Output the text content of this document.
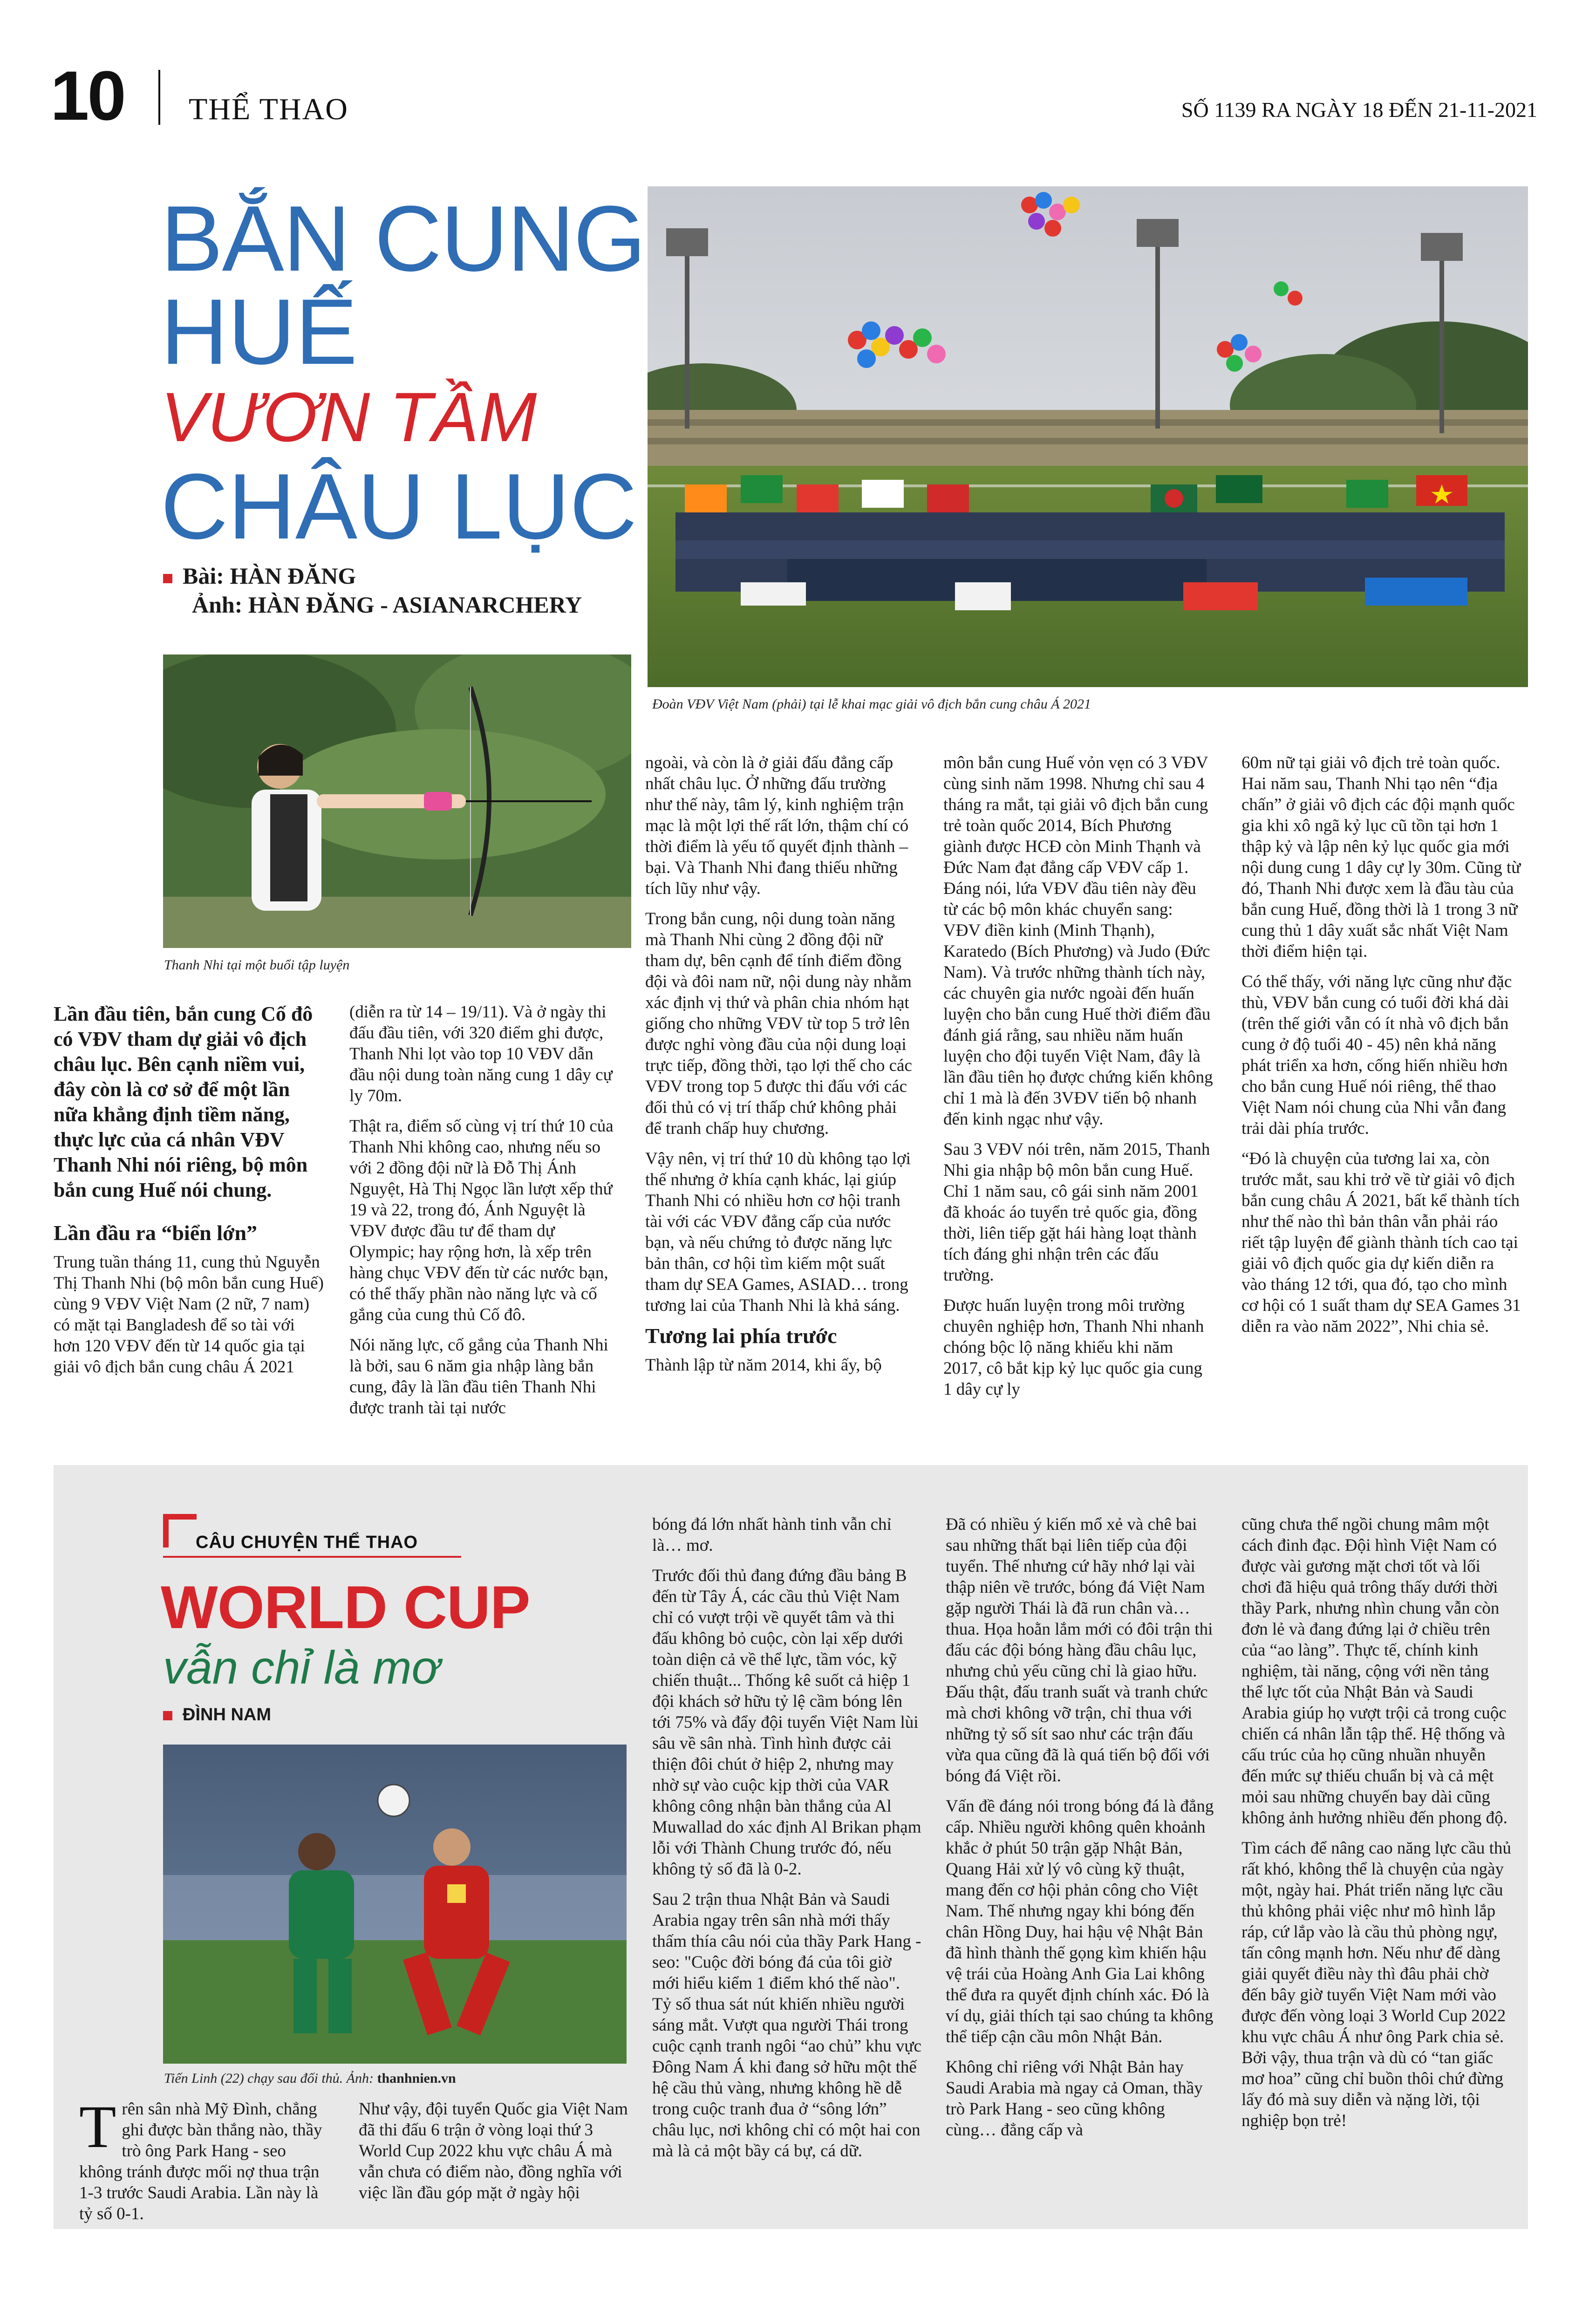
10 THỂ THAO	SỐ 1139 RA NGÀY 18 ĐẾN 21-11-2021
BẮN CUNG
HUẾ
VƯƠN TẦM
CHÂU LỤC
Bài: HÀN ĐĂNG
Ảnh: HÀN ĐĂNG - ASIANARCHERY
Đoàn VĐV Việt Nam (phải) tại lễ khai mạc giải vô địch bắn cung châu Á 2021
Thanh Nhi tại một buổi tập luyện
Lần đầu tiên, bắn cung Cố đô có VĐV tham dự giải vô địch châu lục. Bên cạnh niềm vui, đây còn là cơ sở để một lần nữa khẳng định tiềm năng, thực lực của cá nhân VĐV Thanh Nhi nói riêng, bộ môn bắn cung Huế nói chung.
Lần đầu ra “biển lớn”

Trung tuần tháng 11, cung thủ Nguyễn Thị Thanh Nhi (bộ môn bắn cung Huế) cùng 9 VĐV Việt Nam (2 nữ, 7 nam) có mặt tại Bangladesh để so tài với hơn 120 VĐV đến từ 14 quốc gia tại giải vô địch bắn cung châu Á 2021

(diễn ra từ 14 – 19/11). Và ở ngày thi đấu đầu tiên, với 320 điểm ghi được, Thanh Nhi lọt vào top 10 VĐV dẫn đầu nội dung toàn năng cung 1 dây cự ly 70m.

Thật ra, điểm số cùng vị trí thứ 10 của Thanh Nhi không cao, nhưng nếu so với 2 đồng đội nữ là Đỗ Thị Ánh Nguyệt, Hà Thị Ngọc lần lượt xếp thứ 19 và 22, trong đó, Ánh Nguyệt là VĐV được đầu tư để tham dự Olympic; hay rộng hơn, là xếp trên hàng chục VĐV đến từ các nước bạn, có thể thấy phần nào năng lực và cố gắng của cung thủ Cố đô.

Nói năng lực, cố gắng của Thanh Nhi là bởi, sau 6 năm gia nhập làng bắn cung, đây là lần đầu tiên Thanh Nhi được tranh tài tại nước

ngoài, và còn là ở giải đấu đẳng cấp nhất châu lục. Ở những đấu trường như thế này, tâm lý, kinh nghiệm trận mạc là một lợi thế rất lớn, thậm chí có thời điểm là yếu tố quyết định thành – bại. Và Thanh Nhi đang thiếu những tích lũy như vậy.

Trong bắn cung, nội dung toàn năng mà Thanh Nhi cùng 2 đồng đội nữ tham dự, bên cạnh để tính điểm đồng đội và đôi nam nữ, nội dung này nhằm xác định vị thứ và phân chia nhóm hạt giống cho những VĐV từ top 5 trở lên được nghỉ vòng đầu của nội dung loại trực tiếp, đồng thời, tạo lợi thế cho các VĐV trong top 5 được thi đấu với các đối thủ có vị trí thấp chứ không phải để tranh chấp huy chương.

Vậy nên, vị trí thứ 10 dù không tạo lợi thế nhưng ở khía cạnh khác, lại giúp Thanh Nhi có nhiều hơn cơ hội tranh tài với các VĐV đẳng cấp của nước bạn, và nếu chứng tỏ được năng lực bản thân, cơ hội tìm kiếm một suất tham dự SEA Games, ASIAD… trong tương lai của Thanh Nhi là khả sáng.

Tương lai phía trước

Thành lập từ năm 2014, khi ấy, bộ

môn bắn cung Huế vỏn vẹn có 3 VĐV cùng sinh năm 1998. Nhưng chỉ sau 4 tháng ra mắt, tại giải vô địch bắn cung trẻ toàn quốc 2014, Bích Phương giành được HCĐ còn Minh Thạnh và Đức Nam đạt đẳng cấp VĐV cấp 1. Đáng nói, lứa VĐV đầu tiên này đều từ các bộ môn khác chuyển sang: VĐV điền kinh (Minh Thạnh), Karatedo (Bích Phương) và Judo (Đức Nam). Và trước những thành tích này, các chuyên gia nước ngoài đến huấn luyện cho bắn cung Huế thời điểm đầu đánh giá rằng, sau nhiều năm huấn luyện cho đội tuyển Việt Nam, đây là lần đầu tiên họ được chứng kiến không chỉ 1 mà là đến 3VĐV tiến bộ nhanh đến kinh ngạc như vậy.

Sau 3 VĐV nói trên, năm 2015, Thanh Nhi gia nhập bộ môn bắn cung Huế. Chỉ 1 năm sau, cô gái sinh năm 2001 đã khoác áo tuyển trẻ quốc gia, đồng thời, liên tiếp gặt hái hàng loạt thành tích đáng ghi nhận trên các đấu trường.

Được huấn luyện trong môi trường chuyên nghiệp hơn, Thanh Nhi nhanh chóng bộc lộ năng khiếu khi năm 2017, cô bắt kịp kỷ lục quốc gia cung 1 dây cự ly

60m nữ tại giải vô địch trẻ toàn quốc. Hai năm sau, Thanh Nhi tạo nên “địa chấn” ở giải vô địch các đội mạnh quốc gia khi xô ngã kỷ lục cũ tồn tại hơn 1 thập kỷ và lập nên kỷ lục quốc gia mới nội dung cung 1 dây cự ly 30m. Cũng từ đó, Thanh Nhi được xem là đầu tàu của bắn cung Huế, đồng thời là 1 trong 3 nữ cung thủ 1 dây xuất sắc nhất Việt Nam thời điểm hiện tại.

Có thể thấy, với năng lực cũng như đặc thù, VĐV bắn cung có tuổi đời khá dài (trên thế giới vẫn có ít nhà vô địch bắn cung ở độ tuổi 40 - 45) nên khả năng phát triển xa hơn, cống hiến nhiều hơn cho bắn cung Huế nói riêng, thể thao Việt Nam nói chung của Nhi vẫn đang trải dài phía trước.

“Đó là chuyện của tương lai xa, còn trước mắt, sau khi trở về từ giải vô địch bắn cung châu Á 2021, bất kể thành tích như thế nào thì bản thân vẫn phải ráo riết tập luyện để giành thành tích cao tại giải vô địch quốc gia dự kiến diễn ra vào tháng 12 tới, qua đó, tạo cho mình cơ hội có 1 suất tham dự SEA Games 31 diễn ra vào năm 2022”, Nhi chia sẻ.

CÂU CHUYỆN THỂ THAO
WORLD CUP
vẫn chỉ là mơ
ĐÌNH NAM
Tiến Linh (22) chạy sau đối thủ. Ảnh: thanhnien.vn
T rên sân nhà Mỹ Đình, chẳng ghi được bàn thắng nào, thầy trò ông Park Hang - seo không tránh được mối nợ thua trận 1-3 trước Saudi Arabia. Lần này là tỷ số 0-1.

Như vậy, đội tuyển Quốc gia Việt Nam đã thi đấu 6 trận ở vòng loại thứ 3 World Cup 2022 khu vực châu Á mà vẫn chưa có điểm nào, đồng nghĩa với việc lần đầu góp mặt ở ngày hội

bóng đá lớn nhất hành tinh vẫn chỉ là… mơ.

Trước đối thủ đang đứng đầu bảng B đến từ Tây Á, các cầu thủ Việt Nam chỉ có vượt trội về quyết tâm và thi đấu không bỏ cuộc, còn lại xếp dưới toàn diện cả về thể lực, tầm vóc, kỹ chiến thuật... Thống kê suốt cả hiệp 1 đội khách sở hữu tỷ lệ cầm bóng lên tới 75% và đẩy đội tuyển Việt Nam lùi sâu về sân nhà. Tình hình được cải thiện đôi chút ở hiệp 2, nhưng may nhờ sự vào cuộc kịp thời của VAR không công nhận bàn thắng của Al Muwallad do xác định Al Brikan phạm lỗi với Thành Chung trước đó, nếu không tỷ số đã là 0-2.

Sau 2 trận thua Nhật Bản và Saudi Arabia ngay trên sân nhà mới thấy thấm thía câu nói của thầy Park Hang - seo: "Cuộc đời bóng đá của tôi giờ mới hiểu kiểm 1 điểm khó thế nào". Tỷ số thua sát nút khiến nhiều người sáng mắt. Vượt qua người Thái trong cuộc cạnh tranh ngôi “ao chủ” khu vực Đông Nam Á khi đang sở hữu một thế hệ cầu thủ vàng, nhưng không hề dễ trong cuộc tranh đua ở “sông lớn” châu lục, nơi không chỉ có một hai con mà là cả một bầy cá bự, cá dữ.

Đã có nhiều ý kiến mổ xẻ và chê bai sau những thất bại liên tiếp của đội tuyển. Thế nhưng cứ hãy nhớ lại vài thập niên về trước, bóng đá Việt Nam gặp người Thái là đã run chân và… thua. Họa hoằn lắm mới có đôi trận thi đấu các đội bóng hàng đầu châu lục, nhưng chủ yếu cũng chỉ là giao hữu. Đấu thật, đấu tranh suất và tranh chức mà chơi không vỡ trận, chỉ thua với những tỷ số sít sao như các trận đấu vừa qua cũng đã là quá tiến bộ đối với bóng đá Việt rồi.

Vấn đề đáng nói trong bóng đá là đẳng cấp. Nhiều người không quên khoảnh khắc ở phút 50 trận gặp Nhật Bản, Quang Hải xử lý vô cùng kỹ thuật, mang đến cơ hội phản công cho Việt Nam. Thế nhưng ngay khi bóng đến chân Hồng Duy, hai hậu vệ Nhật Bản đã hình thành thế gọng kìm khiến hậu vệ trái của Hoàng Anh Gia Lai không thể đưa ra quyết định chính xác. Đó là ví dụ, giải thích tại sao chúng ta không thể tiếp cận cầu môn Nhật Bản.

Không chỉ riêng với Nhật Bản hay Saudi Arabia mà ngay cả Oman, thầy trò Park Hang - seo cũng không cùng… đẳng cấp và

cũng chưa thể ngồi chung mâm một cách đinh đạc. Đội hình Việt Nam có được vài gương mặt chơi tốt và lối chơi đã hiệu quả trông thấy dưới thời thầy Park, nhưng nhìn chung vẫn còn đơn lẻ và đang đứng lại ở chiều trên của “ao làng”. Thực tế, chính kinh nghiệm, tài năng, cộng với nền tảng thể lực tốt của Nhật Bản và Saudi Arabia giúp họ vượt trội cả trong cuộc chiến cá nhân lẫn tập thể. Hệ thống và cấu trúc của họ cũng nhuần nhuyễn đến mức sự thiếu chuẩn bị và cả mệt mỏi sau những chuyến bay dài cũng không ảnh hưởng nhiều đến phong độ.

Tìm cách để nâng cao năng lực cầu thủ rất khó, không thể là chuyện của ngày một, ngày hai. Phát triển năng lực cầu thủ không phải việc như mô hình lắp ráp, cứ lắp vào là cầu thủ phòng ngự, tấn công mạnh hơn. Nếu như để dàng giải quyết điều này thì đâu phải chờ đến bây giờ tuyển Việt Nam mới vào được đến vòng loại 3 World Cup 2022 khu vực châu Á như ông Park chia sẻ. Bởi vậy, thua trận và dù có “tan giấc mơ hoa” cũng chỉ buồn thôi chứ đừng lấy đó mà suy diễn và nặng lời, tội nghiệp bọn trẻ!
